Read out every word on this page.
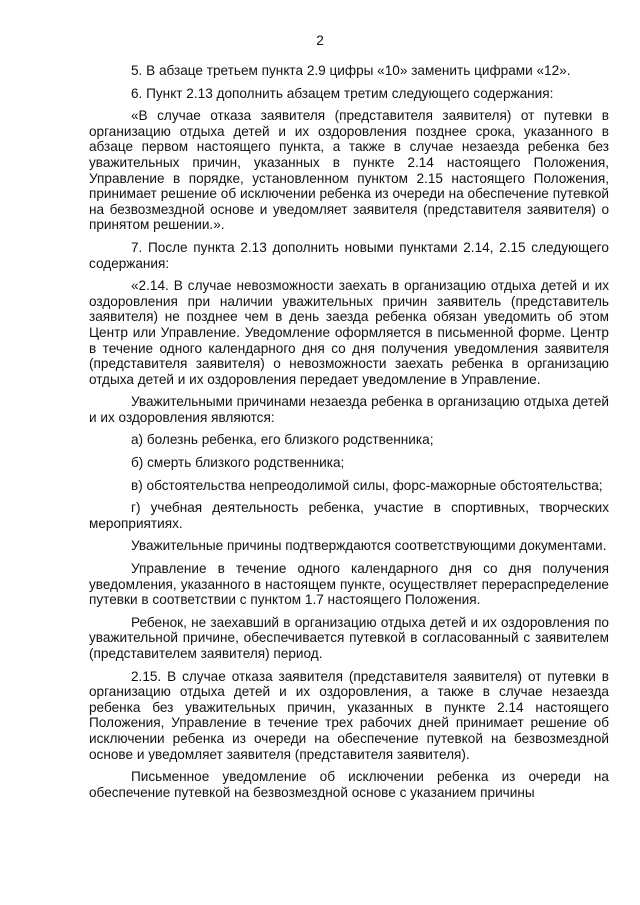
2

5. В абзаце третьем пункта 2.9 цифры «10» заменить цифрами «12».

6. Пункт 2.13 дополнить абзацем третим следующего содержания:

«В случае отказа заявителя (представителя заявителя) от путевки в организацию отдыха детей и их оздоровления позднее срока, указанного в абзаце первом настоящего пункта, а также в случае незаезда ребенка без уважительных причин, указанных в пункте 2.14 настоящего Положения, Управление в порядке, установленном пунктом 2.15 настоящего Положения, принимает решение об исключении ребенка из очереди на обеспечение путевкой на безвозмездной основе и уведомляет заявителя (представителя заявителя) о принятом решении.».

7. После пункта 2.13 дополнить новыми пунктами 2.14, 2.15 следующего содержания:

«2.14. В случае невозможности заехать в организацию отдыха детей и их оздоровления при наличии уважительных причин заявитель (представитель заявителя) не позднее чем в день заезда ребенка обязан уведомить об этом Центр или Управление. Уведомление оформляется в письменной форме. Центр в течение одного календарного дня со дня получения уведомления заявителя (представителя заявителя) о невозможности заехать ребенка в организацию отдыха детей и их оздоровления передает уведомление в Управление.

Уважительными причинами незаезда ребенка в организацию отдыха детей и их оздоровления являются:

а) болезнь ребенка, его близкого родственника;

б) смерть близкого родственника;

в) обстоятельства непреодолимой силы, форс-мажорные обстоятельства;

г) учебная деятельность ребенка, участие в спортивных, творческих мероприятиях.

Уважительные причины подтверждаются соответствующими документами.

Управление в течение одного календарного дня со дня получения уведомления, указанного в настоящем пункте, осуществляет перераспределение путевки в соответствии с пунктом 1.7 настоящего Положения.

Ребенок, не заехавший в организацию отдыха детей и их оздоровления по уважительной причине, обеспечивается путевкой в согласованный с заявителем (представителем заявителя) период.

2.15. В случае отказа заявителя (представителя заявителя) от путевки в организацию отдыха детей и их оздоровления, а также в случае незаезда ребенка без уважительных причин, указанных в пункте 2.14 настоящего Положения, Управление в течение трех рабочих дней принимает решение об исключении ребенка из очереди на обеспечение путевкой на безвозмездной основе и уведомляет заявителя (представителя заявителя).

Письменное уведомление об исключении ребенка из очереди на обеспечение путевкой на безвозмездной основе с указанием причины
